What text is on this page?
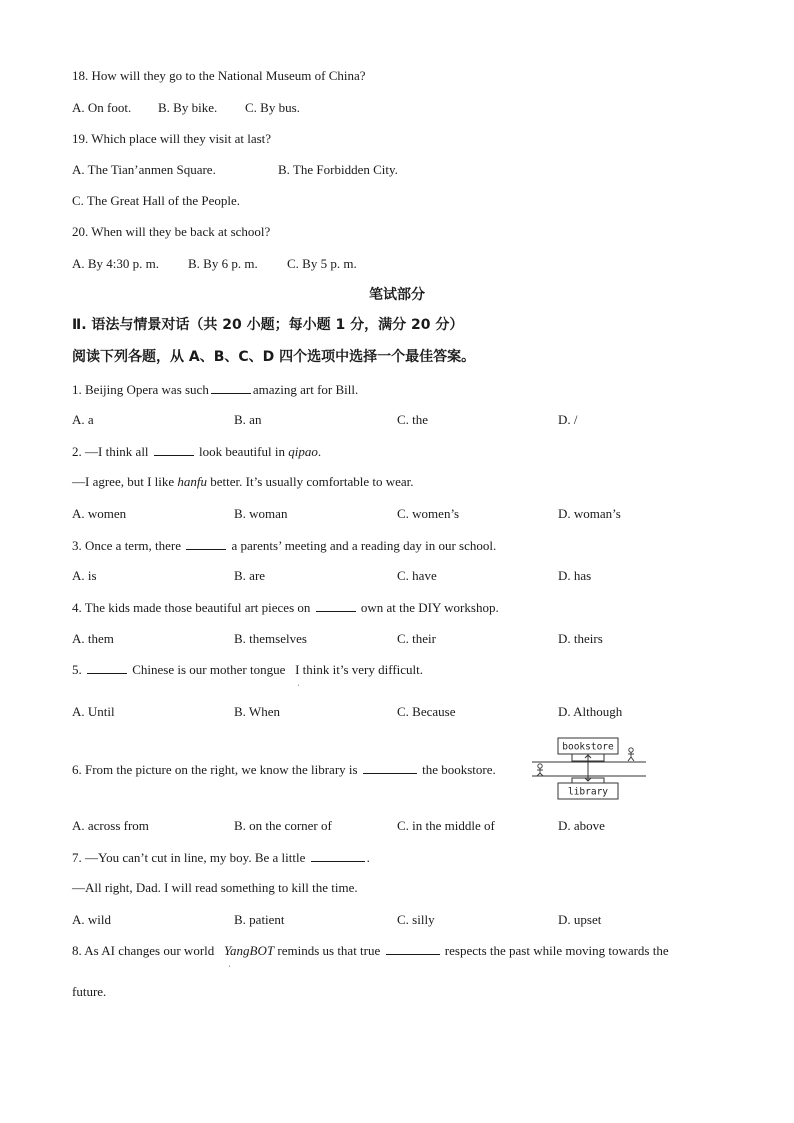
18. How will they go to the National Museum of China?
A. On foot. B. By bike. C. By bus.
19. Which place will they visit at last?
A. The Tian’anmen Square.	B. The Forbidden City.
C. The Great Hall of the People.
20. When will they be back at school?
A. By 4:30 p. m. B. By 6 p. m. C. By 5 p. m.
笔试部分
Ⅱ. 语法与情景对话（共 20 小题；每小题 1 分，满分 20 分）
阅读下列各题，从 A、B、C、D 四个选项中选择一个最佳答案。
1. Beijing Opera was such	amazing art for Bill.
A. a	B. an	C. the	D. /
2. —I think all	look beautiful in qipao.
—I agree, but I like hanfu better. It’s usually comfortable to wear.
A. women	B. woman	C. women’s	D. woman’s
3. Once a term, there	a parents’ meeting and a reading day in our school.
A. is	B. are	C. have	D. has
4. The kids made those beautiful art pieces on	own at the DIY workshop.
A. them	B. themselves	C. their	D. theirs
5.	Chinese is our mother tongue I think it’s very difficult.
ˌ
A. Until	B. When	C. Because	D. Although
6. From the picture on the right, we know the library is	the bookstore.
bookstore
library
A. across from	B. on the corner of	C. in the middle of	D. above
7. —You can’t cut in line, my boy. Be a little	.
—All right, Dad. I will read something to kill the time.
A. wild	B. patient	C. silly	D. upset
8. As AI changes our world YangBOT reminds us that true	respects the past while moving towards the
ˌ
future.
